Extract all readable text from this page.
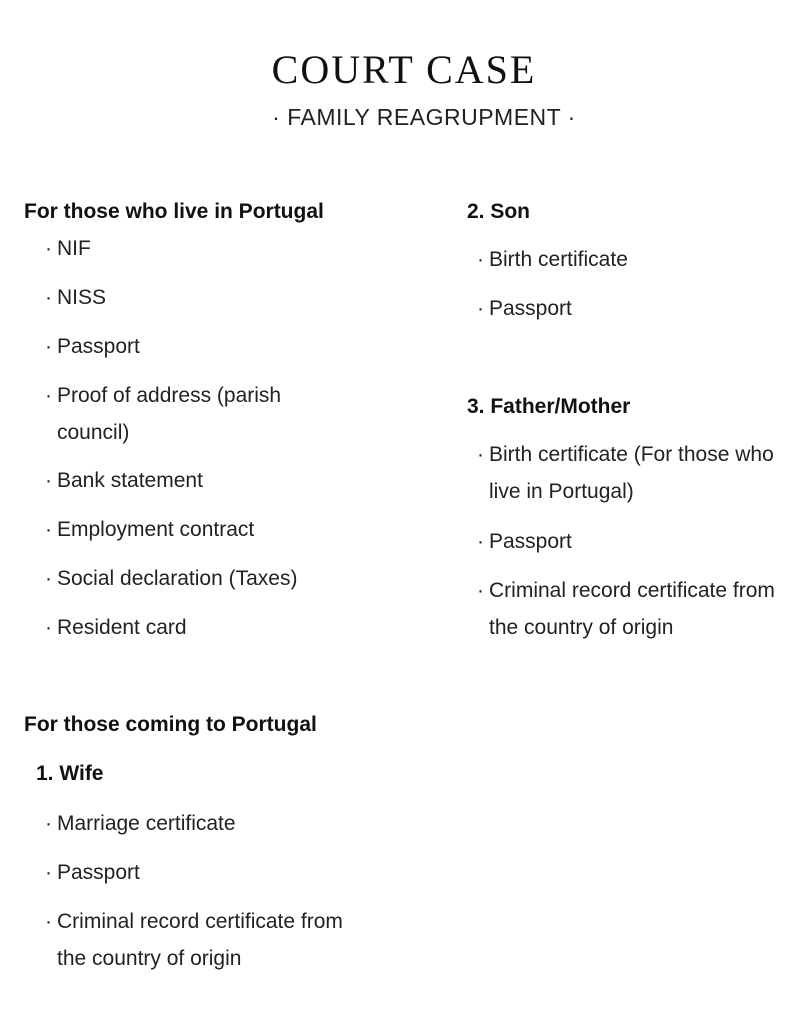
COURT CASE
· FAMILY REAGRUPMENT ·
For those who live in Portugal
· NIF
· NISS
· Passport
· Proof of address (parish council)
· Bank statement
· Employment contract
· Social declaration (Taxes)
· Resident card
For those coming to Portugal
1. Wife
· Marriage certificate
· Passport
· Criminal record certificate from the country of origin
2. Son
· Birth certificate
· Passport
3. Father/Mother
· Birth certificate (For those who live in Portugal)
· Passport
· Criminal record certificate from the country of origin
